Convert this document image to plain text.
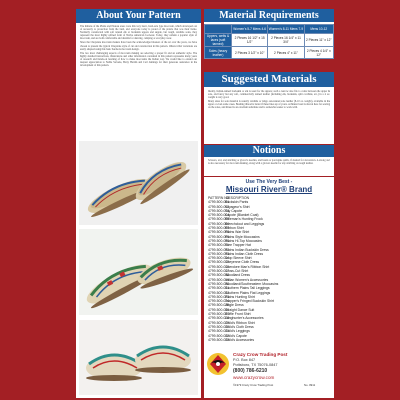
About Your Pattern

The Indians of the Plains and Plateau areas wore this very basic, hard-sole type moccasin, which developed out of necessity to protection from the land, and everyone today is proud of the prairie that was their home. Normally constructed with soft tanned elk or buckskin uppers and supple, but tough, rawhide soles, they represent the most highly refined form of Native American footwear. Today, they remain a popular style of moccasin, and are both comfortable and durable for dancing, camping or everyday wear.

Since the Cheyenne moccasin makers have been the acknowledged masters of the art over the years, we have chosen to present the typical Cheyenne style of cut and construction in this pattern. Others tribal variations are easily adapted using this basic hardsole moccasin design.

The two most challenging aspects of moccasin making are selecting a proper fit and an authentic style. The highly detailed instructions, illustrations and other information contained in this pattern represents many years of research and hands-on learning of how to make moccasins the Indian way. We would like to extend our deepest appreciation to Nellie Stevens, Barry Hardin and Carl Jennings for their generous assistance in the development of this pattern.

Material Requirements
	Women's 5-7 Mens 4-6	Women's 8-11 Mens 7-9	Mens 10-12
Uppers, welts & laces (soft tanned)	2 Pieces 16 1/2" x 15 1/2"	2 Pieces 16 1/4" x 11 3/4"	2 Pieces 11" x 12"
Soles (heavy leather)	2 Pieces 3 1/2" x 10"	2 Pieces 4" x 11"	2 Pieces 4 1/4" x 12"
Suggested Materials

Ideally, Indian-tanned buckskin or elk is used for the uppers; such a narrow size fits to come between the upper & sole, and fancy but any soft, commercially tanned leather (including elk, buckskin, split cowhide, etc.) in a 4 oz. weight is very good.

Many sizes for sole material is usually rawhide or latigo oak-tanned sole leather (8-10 oz. weight), available in the upper or even some cases. Beading thread is better if these lines up of yours. A thinner bead is shown here for sewing on the soles, and thread is an excellent substitute and is somewhat easier to work with.

Notions

Scissors, awl, and stitching or glover's needles, and beads or porcupine quills, if desired for decoration. A strong awl is also necessary for moccasin making, along with a glovers needle for any stitching on tough leather.

Use The Very Best -
Missouri River® Brand
PATTERN NO. DESCRIPTION
4799-500-001Buckskin Pants
4799-500-002Voyageur's Shirt
4799-500-003Toy Capote
4799-500-004Capote (Blanket Coat)
4799-500-005Rifleman's Hunting Frock
4799-500-006Breechclout and Leggings
4799-500-007Ribbon Shirt
4799-500-008Plains War Shirt
4799-500-009Plains Style Moccasins
4799-500-010Plains Hi-Top Moccasins
4799-500-011Free Trapper Hat
4799-500-012Plains Indian Buckskin Dress
4799-500-013Plains Indian Cloth Dress
4799-500-014Drop Sleeve Shirt
4799-500-015Cheyenne Cloth Dress
4799-500-016Cherokee Man's Ribbon Shirt
4799-500-017Cross-Cut Shirt
4799-500-018Woodland Dress
4799-500-019Indian Women's Accessories
4799-500-020Woodland/Southeastern Moccasins
4799-500-021Southern Plains Tall Leggings
4799-500-022Southern Plains Flat Leggings
4799-500-023Plains Hunting Shirt
4799-500-024Trapper's Fringed Buckskin Shirt
4799-500-025Jingle Dress
4799-500-026Straight Dance Suit
4799-500-027Ruffle Front Shirt
4799-500-028Longhunter's Accessories
4799-500-029Child's Ribbon Shirt
4799-500-030Child's Cloth Dress
4799-500-031Child's Leggings
4799-500-032Child's Capote
4799-500-033Child's Accessories
Crazy Crow Trading Post
P.O. Box 847
Pottsboro, TX 75076-0847
(800) 786-6210
www.crazycrow.com
©1979 Crazy Crow Trading Post	No. 0911
